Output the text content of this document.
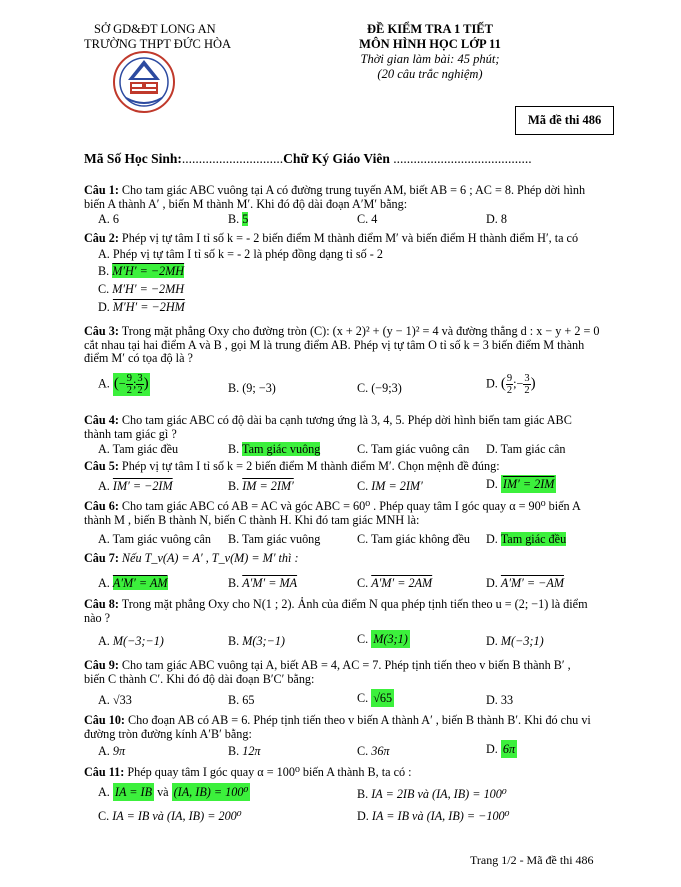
SỞ GD&ĐT LONG AN
TRƯỜNG THPT ĐỨC HÒA
ĐỀ KIỂM TRA 1 TIẾT
MÔN HÌNH HỌC LỚP 11
Thời gian làm bài: 45 phút;
(20 câu trắc nghiệm)
Mã đề thi 486
Mã Số Học Sinh:..............................Chữ Ký Giáo Viên .........................................
Câu 1: Cho tam giác ABC vuông tại A có đường trung tuyến AM, biết AB = 6 ; AC = 8. Phép dời hình
biến A thành A′ , biến M thành M′. Khi đó độ dài đoạn A′M′ bằng:
A. 6	B. 5	C. 4	D. 8
Câu 2: Phép vị tự tâm I tỉ số k = - 2 biến điểm M thành điểm M′ và biến điểm H thành điểm H′, ta có
A. Phép vị tự tâm I tỉ số k = - 2 là phép đồng dạng tỉ số - 2
B. M′H′ = −2MH
C. M′H′ = −2MH
D. M′H′ = −2HM
Câu 3: Trong mặt phẳng Oxy cho đường tròn (C): (x + 2)² + (y − 1)² = 4 và đường thẳng d : x − y + 2 = 0
cắt nhau tại hai điểm A và B , gọi M là trung điểm AB. Phép vị tự tâm O tỉ số k = 3 biến điểm M thành
điểm M′ có tọa độ là ?
A. (− $\frac{9}{2}$ ; $\frac{3}{2}$ )	B. (9; −3)	C. (−9;3)	D. ( $\frac{9}{2}$ ;− $\frac{3}{2}$ )
Câu 4: Cho tam giác ABC có độ dài ba cạnh tương ứng là 3, 4, 5. Phép dời hình biến tam giác ABC
thành tam giác gì ?
A. Tam giác đều	B. Tam giác vuông	C. Tam giác vuông cân D. Tam giác cân
Câu 5: Phép vị tự tâm I tỉ số k = 2 biến điểm M thành điểm M′. Chọn mệnh đề đúng:
A. IM′ = −2IM	B. IM = 2IM′	C. IM = 2IM′	D. IM′ = 2IM
Câu 6: Cho tam giác ABC có AB = AC và góc ABC = 60⁰ . Phép quay tâm I góc quay α = 90⁰ biến A
thành M , biến B thành N, biến C thành H. Khi đó tam giác MNH là:
A. Tam giác vuông cân B. Tam giác vuông	C. Tam giác không đều D. Tam giác đều
Câu 7: Nếu T_v(A) = A′ , T_v(M) = M′ thì :
A. A′M′ = AM	B. A′M′ = MA	C. A′M′ = 2AM	D. A′M′ = −AM
Câu 8: Trong mặt phẳng Oxy cho N(1 ; 2). Ảnh của điểm N qua phép tịnh tiến theo u = (2; −1) là điểm
nào ?
A. M(−3;−1)	B. M(3;−1)	C. M(3;1)	D. M(−3;1)
Câu 9: Cho tam giác ABC vuông tại A, biết AB = 4, AC = 7. Phép tịnh tiến theo v biến B thành B′ ,
biến C thành C′. Khi đó độ dài đoạn B′C′ bằng:
A. √33	B. 65	C. √65	D. 33
Câu 10: Cho đoạn AB có AB = 6. Phép tịnh tiến theo v biến A thành A′ , biến B thành B′. Khi đó chu vi
đường tròn đường kính A′B′ bằng:
A. 9π	B. 12π	C. 36π	D. 6π
Câu 11: Phép quay tâm I góc quay α = 100⁰ biến A thành B, ta có :
A. IA = IB và (IA, IB) = 100⁰	B. IA = 2IB và (IA, IB) = 100⁰
C. IA = IB và (IA, IB) = 200⁰	D. IA = IB và (IA, IB) = −100⁰
Trang 1/2 - Mã đề thi 486
